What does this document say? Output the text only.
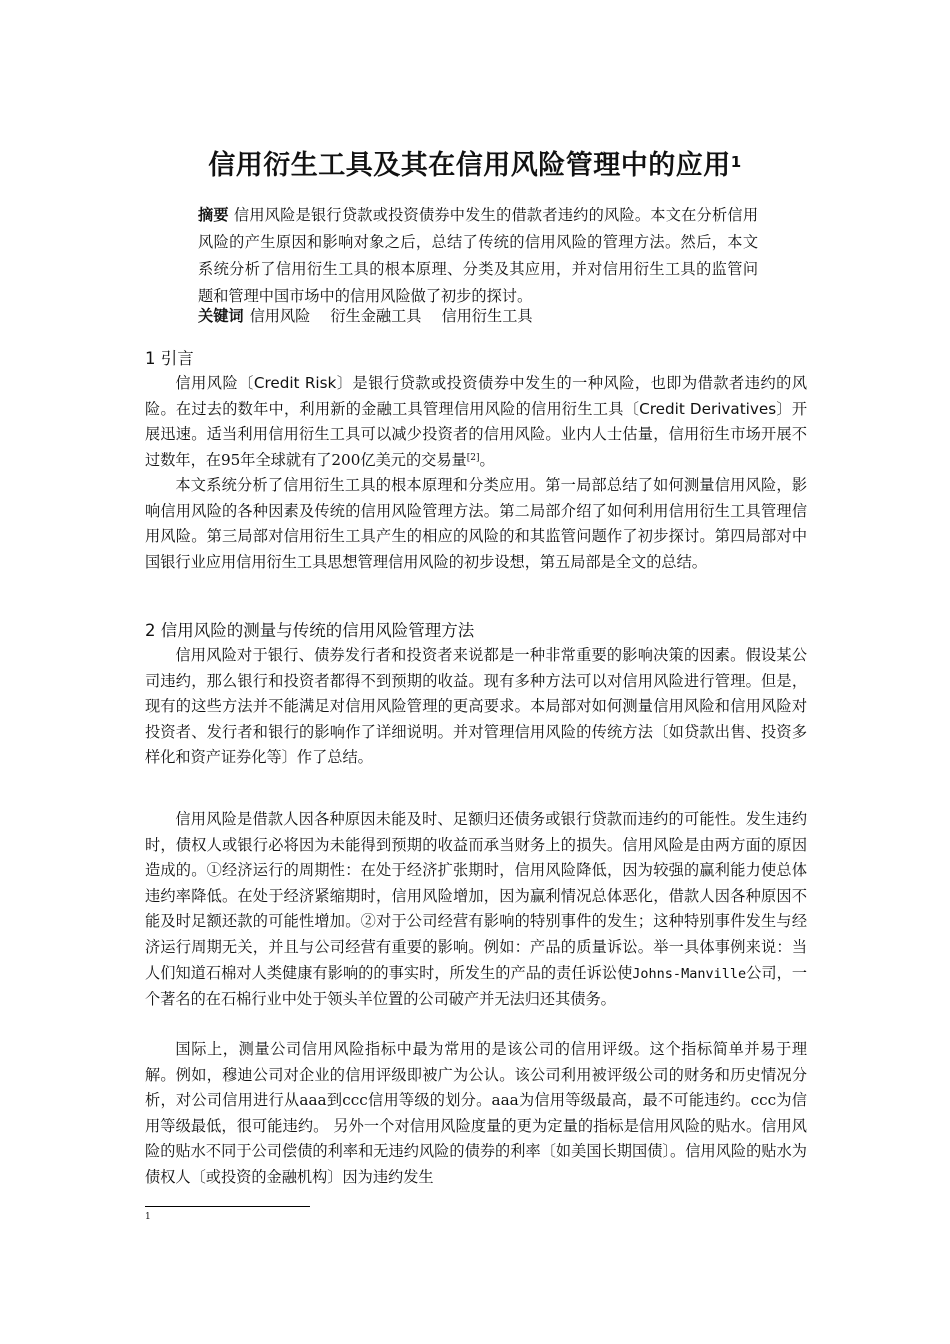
信用衍生工具及其在信用风险管理中的应用$^1$
摘要 信用风险是银行贷款或投资债券中发生的借款者违约的风险。本文在分析信用风险的产生原因和影响对象之后，总结了传统的信用风险的管理方法。然后，本文系统分析了信用衍生工具的根本原理、分类及其应用，并对信用衍生工具的监管问题和管理中国市场中的信用风险做了初步的探讨。
关键词 信用风险 衍生金融工具 信用衍生工具
1 引言

信用风险〔Credit Risk〕是银行贷款或投资债券中发生的一种风险，也即为借款者违约的风险。在过去的数年中，利用新的金融工具管理信用风险的信用衍生工具〔Credit Derivatives〕开展迅速。适当利用信用衍生工具可以减少投资者的信用风险。业内人士估量，信用衍生市场开展不过数年，在95年全球就有了200亿美元的交易量[2]。

本文系统分析了信用衍生工具的根本原理和分类应用。第一局部总结了如何测量信用风险，影响信用风险的各种因素及传统的信用风险管理方法。第二局部介绍了如何利用信用衍生工具管理信用风险。第三局部对信用衍生工具产生的相应的风险的和其监管问题作了初步探讨。第四局部对中国银行业应用信用衍生工具思想管理信用风险的初步设想，第五局部是全文的总结。

2 信用风险的测量与传统的信用风险管理方法

信用风险对于银行、债券发行者和投资者来说都是一种非常重要的影响决策的因素。假设某公司违约，那么银行和投资者都得不到预期的收益。现有多种方法可以对信用风险进行管理。但是，现有的这些方法并不能满足对信用风险管理的更高要求。本局部对如何测量信用风险和信用风险对投资者、发行者和银行的影响作了详细说明。并对管理信用风险的传统方法〔如贷款出售、投资多样化和资产证券化等〕作了总结。

信用风险是借款人因各种原因未能及时、足额归还债务或银行贷款而违约的可能性。发生违约时，债权人或银行必将因为未能得到预期的收益而承当财务上的损失。信用风险是由两方面的原因造成的。①经济运行的周期性：在处于经济扩张期时，信用风险降低，因为较强的赢利能力使总体违约率降低。在处于经济紧缩期时，信用风险增加，因为赢利情况总体恶化，借款人因各种原因不能及时足额还款的可能性增加。②对于公司经营有影响的特别事件的发生；这种特别事件发生与经济运行周期无关，并且与公司经营有重要的影响。例如：产品的质量诉讼。举一具体事例来说：当人们知道石棉对人类健康有影响的的事实时，所发生的产品的责任诉讼使Johns-Manville公司，一个著名的在石棉行业中处于领头羊位置的公司破产并无法归还其债务。

国际上，测量公司信用风险指标中最为常用的是该公司的信用评级。这个指标简单并易于理解。例如，穆迪公司对企业的信用评级即被广为公认。该公司利用被评级公司的财务和历史情况分析，对公司信用进行从aaa到ccc信用等级的划分。aaa为信用等级最高，最不可能违约。ccc为信用等级最低，很可能违约。 另外一个对信用风险度量的更为定量的指标是信用风险的贴水。信用风险的贴水不同于公司偿债的利率和无违约风险的债券的利率〔如美国长期国债〕。信用风险的贴水为债权人〔或投资的金融机构〕因为违约发生

1
